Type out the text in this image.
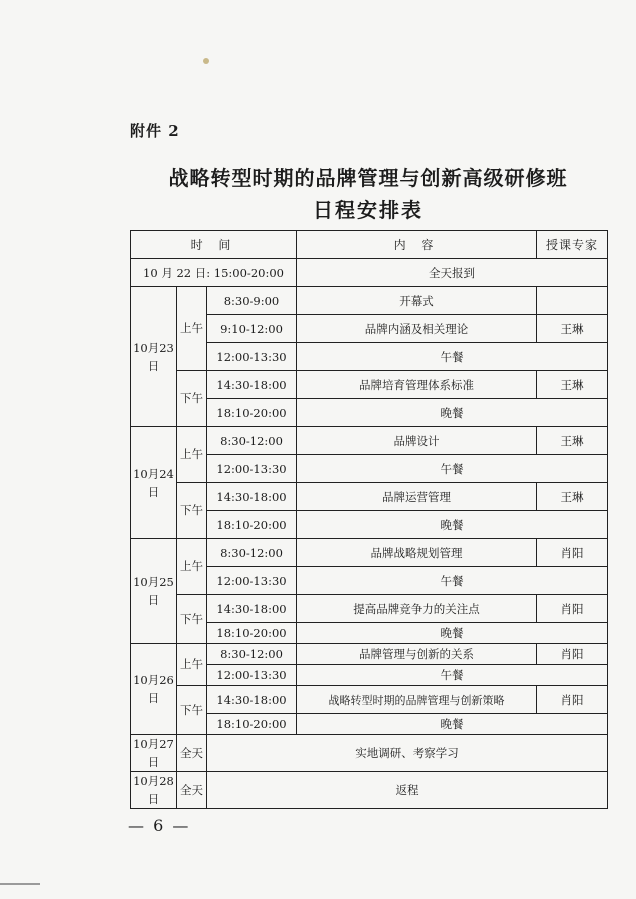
附件 2
战略转型时期的品牌管理与创新高级研修班
日程安排表
时 间			内 容	授课专家
10 月 22 日: 15:00-20:00			全天报到	
10月23日	上午	8:30-9:00	开幕式	
		9:10-12:00	品牌内涵及相关理论	王琳
		12:00-13:30	午餐	
	下午	14:30-18:00	品牌培育管理体系标准	王琳
		18:10-20:00	晚餐	
10月24日	上午	8:30-12:00	品牌设计	王琳
		12:00-13:30	午餐	
	下午	14:30-18:00	品牌运营管理	王琳
		18:10-20:00	晚餐	
10月25日	上午	8:30-12:00	品牌战略规划管理	肖阳
		12:00-13:30	午餐	
	下午	14:30-18:00	提高品牌竞争力的关注点	肖阳
		18:10-20:00	晚餐	
10月26日	上午	8:30-12:00	品牌管理与创新的关系	肖阳
		12:00-13:30	午餐	
	下午	14:30-18:00	战略转型时期的品牌管理与创新策略	肖阳
		18:10-20:00	晚餐	
10月27日	全天	实地调研、考察学习		
10月28日	全天	返程		
— 6 —
